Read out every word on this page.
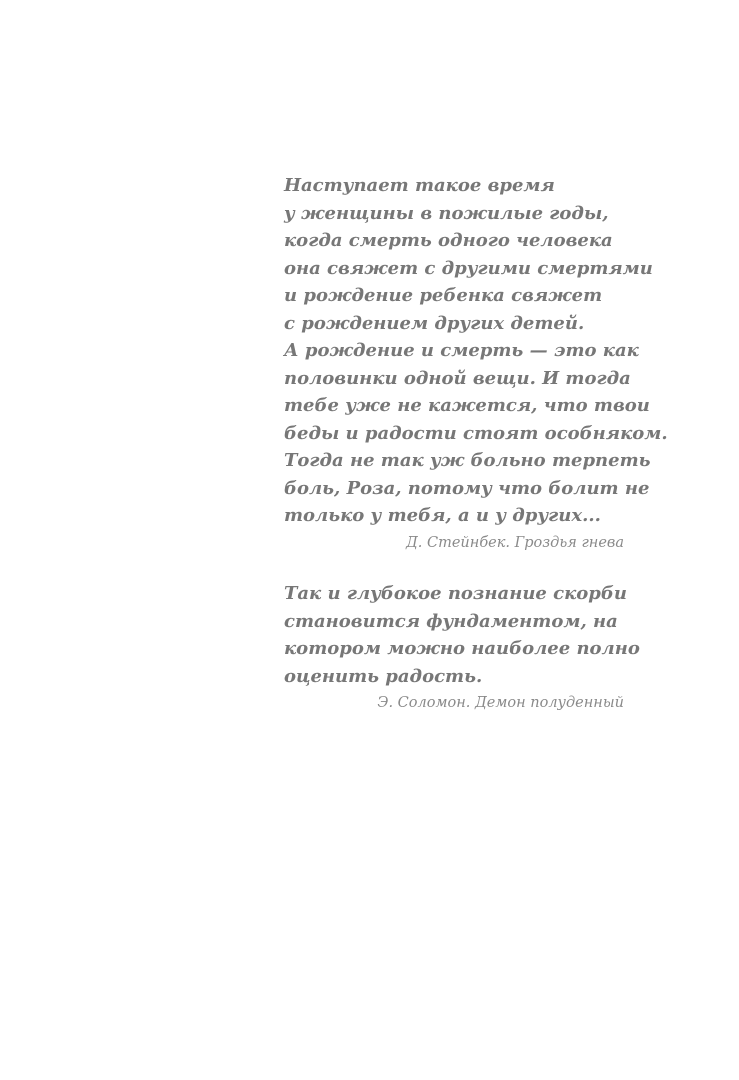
Наступает такое время
у женщины в пожилые годы,
когда смерть одного человека
она свяжет с другими смертями
и рождение ребенка свяжет
с рождением других детей.
А рождение и смерть — это как
половинки одной вещи. И тогда
тебе уже не кажется, что твои
беды и радости стоят особняком.
Тогда не так уж больно терпеть
боль, Роза, потому что болит не
только у тебя, а и у других...
Д. Стейнбек. Гроздья гнева
Так и глубокое познание скорби
становится фундаментом, на
котором можно наиболее полно
оценить радость.
Э. Соломон. Демон полуденный
